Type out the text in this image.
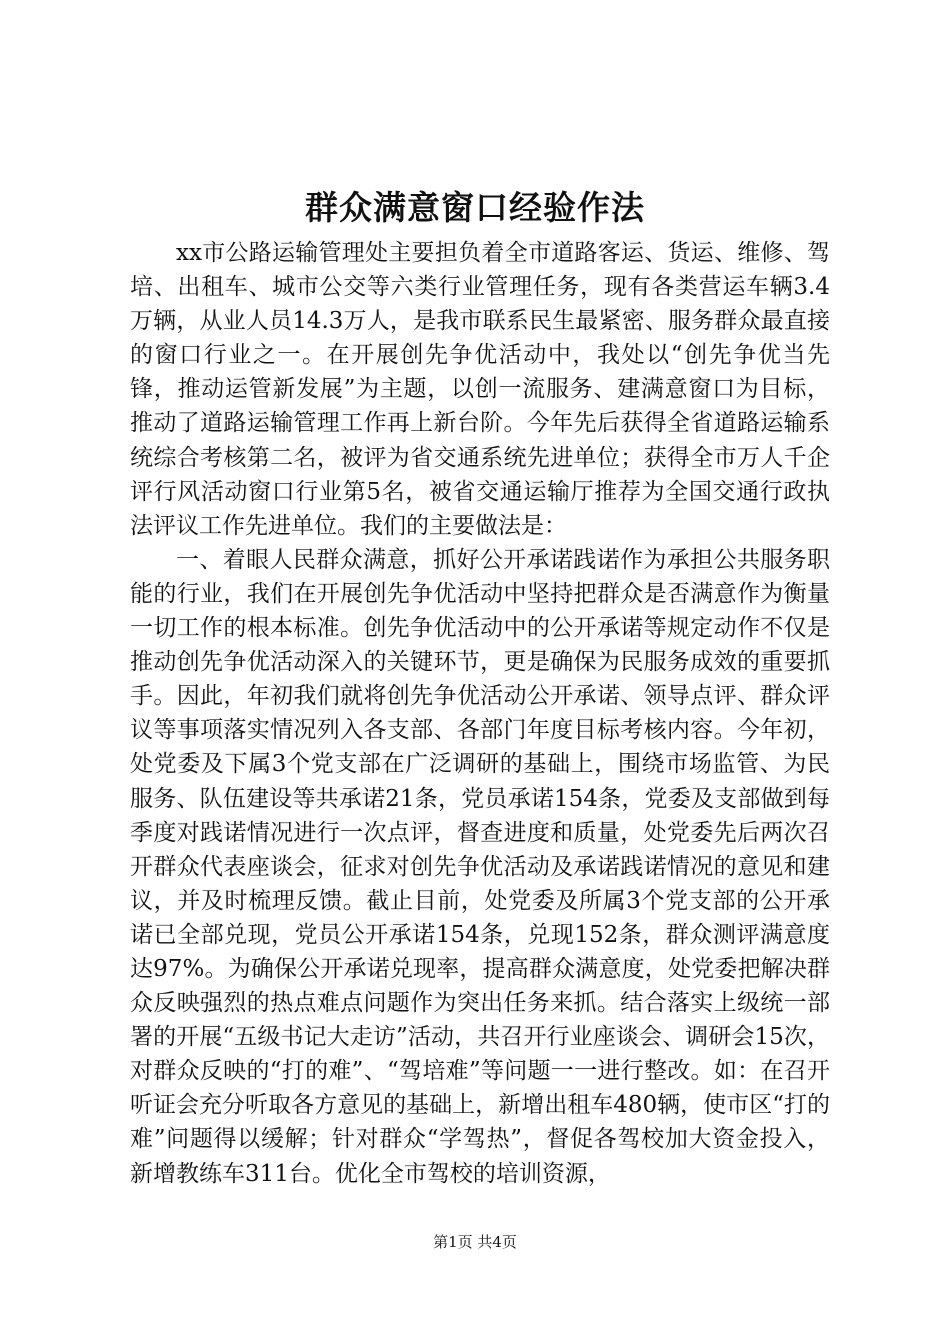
群众满意窗口经验作法

xx市公路运输管理处主要担负着全市道路客运、货运、维修、驾培、出租车、城市公交等六类行业管理任务，现有各类营运车辆3.4万辆，从业人员14.3万人，是我市联系民生最紧密、服务群众最直接的窗口行业之一。在开展创先争优活动中，我处以“创先争优当先锋，推动运管新发展”为主题，以创一流服务、建满意窗口为目标，推动了道路运输管理工作再上新台阶。今年先后获得全省道路运输系统综合考核第二名，被评为省交通系统先进单位；获得全市万人千企评行风活动窗口行业第5名，被省交通运输厅推荐为全国交通行政执法评议工作先进单位。我们的主要做法是：

一、着眼人民群众满意，抓好公开承诺践诺作为承担公共服务职能的行业，我们在开展创先争优活动中坚持把群众是否满意作为衡量一切工作的根本标准。创先争优活动中的公开承诺等规定动作不仅是推动创先争优活动深入的关键环节，更是确保为民服务成效的重要抓手。因此，年初我们就将创先争优活动公开承诺、领导点评、群众评议等事项落实情况列入各支部、各部门年度目标考核内容。今年初，处党委及下属3个党支部在广泛调研的基础上，围绕市场监管、为民服务、队伍建设等共承诺21条，党员承诺154条，党委及支部做到每季度对践诺情况进行一次点评，督查进度和质量，处党委先后两次召开群众代表座谈会，征求对创先争优活动及承诺践诺情况的意见和建议，并及时梳理反馈。截止目前，处党委及所属3个党支部的公开承诺已全部兑现，党员公开承诺154条，兑现152条，群众测评满意度达97%。为确保公开承诺兑现率，提高群众满意度，处党委把解决群众反映强烈的热点难点问题作为突出任务来抓。结合落实上级统一部署的开展“五级书记大走访”活动，共召开行业座谈会、调研会15次，对群众反映的“打的难”、“驾培难”等问题一一进行整改。如：在召开听证会充分听取各方意见的基础上，新增出租车480辆，使市区“打的难”问题得以缓解；针对群众“学驾热”，督促各驾校加大资金投入，新增教练车311台。优化全市驾校的培训资源，

第1页 共4页
